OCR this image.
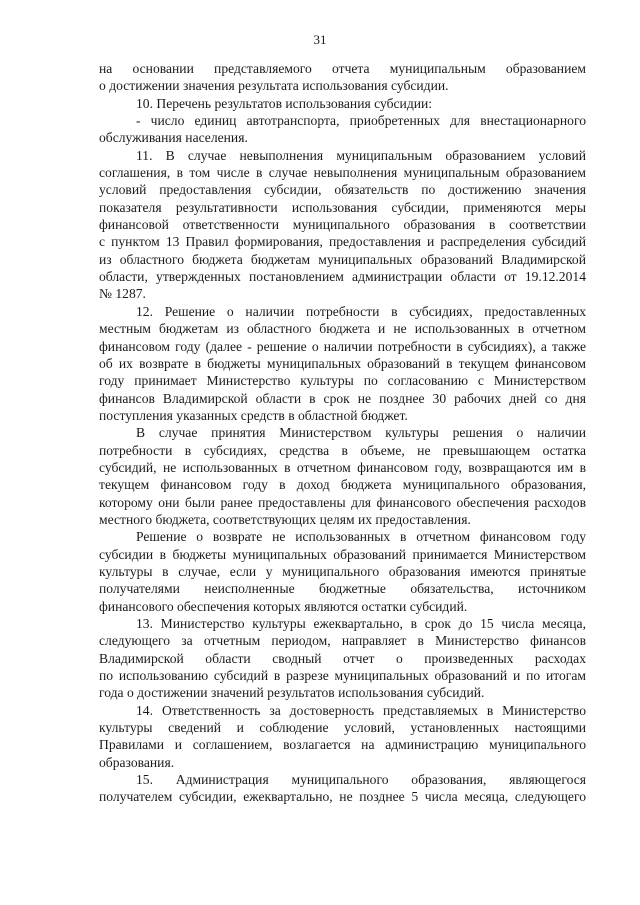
31
на основании представляемого отчета муниципальным образованием
о достижении значения результата использования субсидии.
10. Перечень результатов использования субсидии:
- число единиц автотранспорта, приобретенных для внестационарного
обслуживания населения.
11. В случае невыполнения муниципальным образованием условий
соглашения, в том числе в случае невыполнения муниципальным образованием
условий предоставления субсидии, обязательств по достижению значения
показателя результативности использования субсидии, применяются меры
финансовой ответственности муниципального образования в соответствии
с пунктом 13 Правил формирования, предоставления и распределения субсидий
из областного бюджета бюджетам муниципальных образований Владимирской
области, утвержденных постановлением администрации области от 19.12.2014
№ 1287.
12. Решение о наличии потребности в субсидиях, предоставленных
местным бюджетам из областного бюджета и не использованных в отчетном
финансовом году (далее - решение о наличии потребности в субсидиях), а также
об их возврате в бюджеты муниципальных образований в текущем финансовом
году принимает Министерство культуры по согласованию с Министерством
финансов Владимирской области в срок не позднее 30 рабочих дней со дня
поступления указанных средств в областной бюджет.
В случае принятия Министерством культуры решения о наличии
потребности в субсидиях, средства в объеме, не превышающем остатка
субсидий, не использованных в отчетном финансовом году, возвращаются им в
текущем финансовом году в доход бюджета муниципального образования,
которому они были ранее предоставлены для финансового обеспечения расходов
местного бюджета, соответствующих целям их предоставления.
Решение о возврате не использованных в отчетном финансовом году
субсидии в бюджеты муниципальных образований принимается Министерством
культуры в случае, если у муниципального образования имеются принятые
получателями неисполненные бюджетные обязательства, источником
финансового обеспечения которых являются остатки субсидий.
13. Министерство культуры ежеквартально, в срок до 15 числа месяца,
следующего за отчетным периодом, направляет в Министерство финансов
Владимирской области сводный отчет о произведенных расходах
по использованию субсидий в разрезе муниципальных образований и по итогам
года о достижении значений результатов использования субсидий.
14. Ответственность за достоверность представляемых в Министерство
культуры сведений и соблюдение условий, установленных настоящими
Правилами и соглашением, возлагается на администрацию муниципального
образования.
15. Администрация муниципального образования, являющегося
получателем субсидии, ежеквартально, не позднее 5 числа месяца, следующего
